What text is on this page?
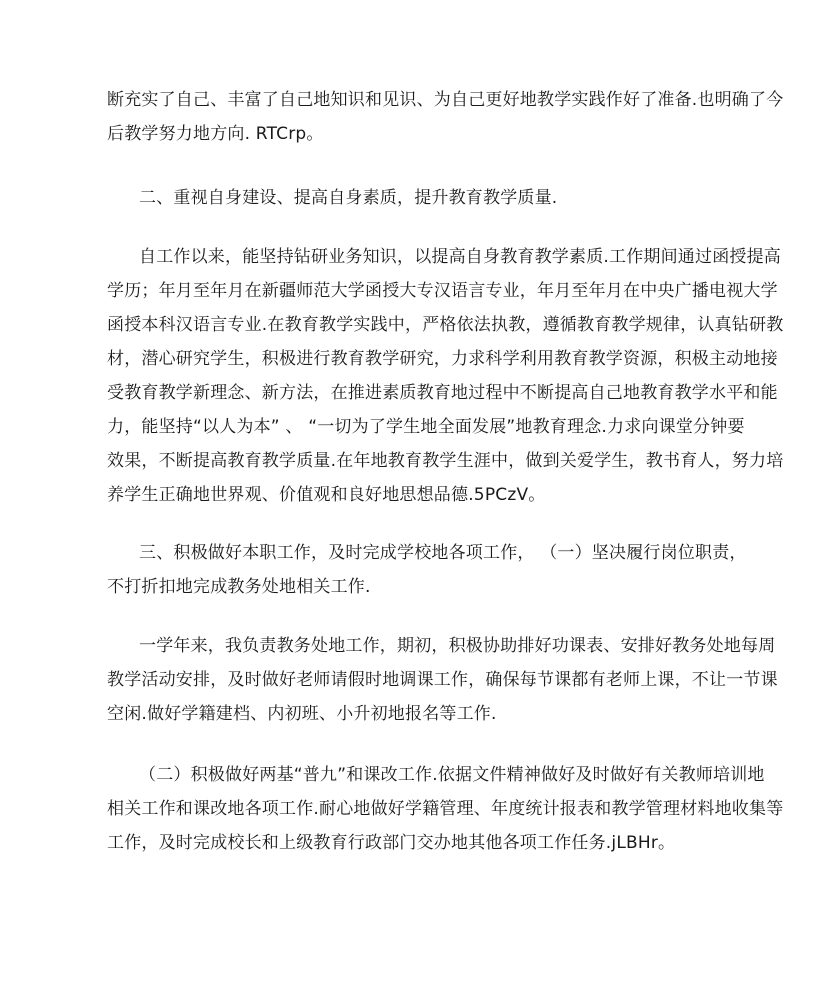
断充实了自己、丰富了自己地知识和见识、为自己更好地教学实践作好了准备.也明确了今
后教学努力地方向. RTCrp。
二、重视自身建设、提高自身素质，提升教育教学质量.
自工作以来，能坚持钻研业务知识，以提高自身教育教学素质.工作期间通过函授提高
学历；年月至年月在新疆师范大学函授大专汉语言专业，年月至年月在中央广播电视大学
函授本科汉语言专业.在教育教学实践中，严格依法执教，遵循教育教学规律，认真钻研教
材，潜心研究学生，积极进行教育教学研究，力求科学利用教育教学资源，积极主动地接
受教育教学新理念、新方法，在推进素质教育地过程中不断提高自己地教育教学水平和能
力，能坚持“以人为本” 、 “一切为了学生地全面发展”地教育理念.力求向课堂分钟要
效果，不断提高教育教学质量.在年地教育教学生涯中，做到关爱学生，教书育人，努力培
养学生正确地世界观、价值观和良好地思想品德.5PCzV。
三、积极做好本职工作，及时完成学校地各项工作， （一）坚决履行岗位职责，
不打折扣地完成教务处地相关工作.
一学年来，我负责教务处地工作，期初，积极协助排好功课表、安排好教务处地每周
教学活动安排，及时做好老师请假时地调课工作，确保每节课都有老师上课，不让一节课
空闲.做好学籍建档、内初班、小升初地报名等工作.
（二）积极做好两基“普九”和课改工作.依据文件精神做好及时做好有关教师培训地
相关工作和课改地各项工作.耐心地做好学籍管理、年度统计报表和教学管理材料地收集等
工作，及时完成校长和上级教育行政部门交办地其他各项工作任务.jLBHr。
